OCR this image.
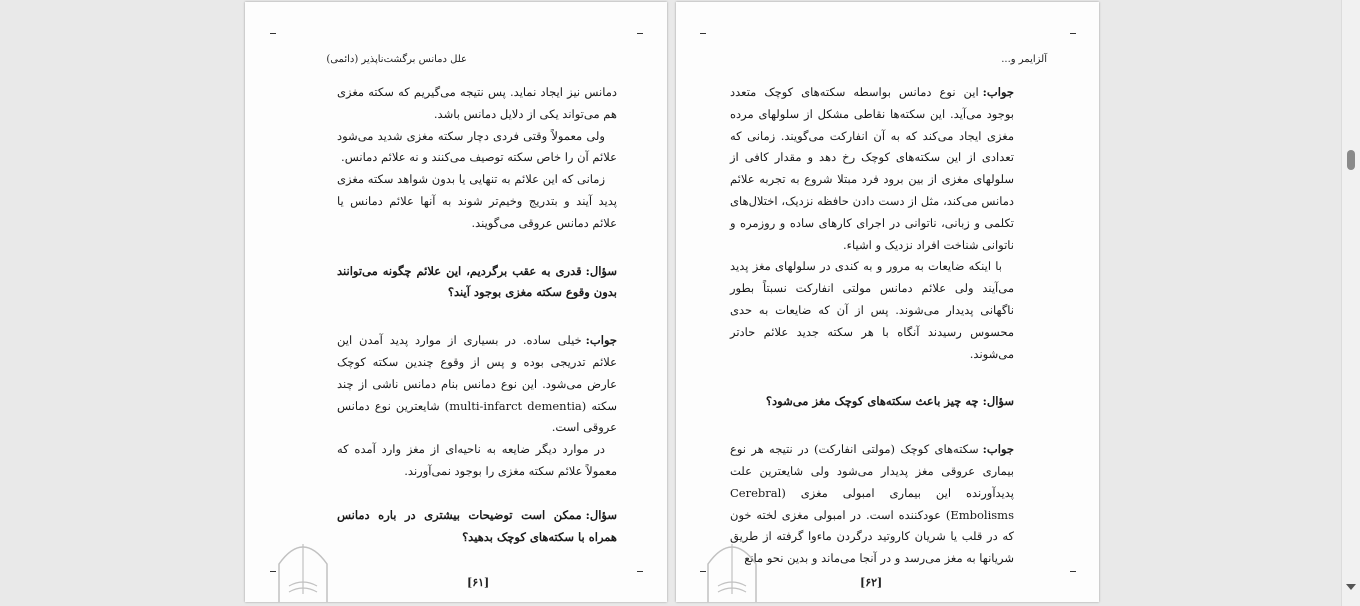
علل دمانس برگشت‌ناپذیر (دائمی)

دمانس نیز ایجاد نماید. پس نتیجه می‌گیریم که سکته مغزی هم می‌تواند یکی از دلایل دمانس باشد.

ولی معمولاً وقتی فردی دچار سکته مغزی شدید می‌شود علائم آن را خاص سکته توصیف می‌کنند و نه علائم دمانس.

زمانی که این علائم به تنهایی یا بدون شواهد سکته مغزی پدید آیند و بتدریج وخیم‌تر شوند به آنها علائم دمانس یا علائم دمانس عروقی می‌گویند.

سؤال:قدری به عقب برگردیم، این علائم چگونه می‌توانند بدون وقوع سکته مغزی بوجود آیند؟

جواب:خیلی ساده. در بسیاری از موارد پدید آمدن این علائم تدریجی بوده و پس از وقوع چندین سکته کوچک عارض می‌شود. این نوع دمانس بنام دمانس ناشی از چند سکته (multi-infarct dementia) شایعترین نوع دمانس عروقی است.

در موارد دیگر ضایعه به ناحیه‌ای از مغز وارد آمده که معمولاً علائم سکته مغزی را بوجود نمی‌آورند.

سؤال:ممکن است توضیحات بیشتری در باره دمانس همراه با سکته‌های کوچک بدهید؟

[۶۱]
آلزایمر و...

جواب:این نوع دمانس بواسطه سکته‌های کوچک متعدد بوجود می‌آید. این سکته‌ها نقاطی مشکل از سلولهای مرده مغزی ایجاد می‌کند که به آن انفارکت می‌گویند. زمانی که تعدادی از این سکته‌های کوچک رخ دهد و مقدار کافی از سلولهای مغزی از بین برود فرد مبتلا شروع به تجربه علائم دمانس می‌کند، مثل از دست دادن حافظه نزدیک، اختلال‌های تکلمی و زبانی، ناتوانی در اجرای کارهای ساده و روزمره و ناتوانی شناخت افراد نزدیک و اشیاء.

با اینکه ضایعات به مرور و به کندی در سلولهای مغز پدید می‌آیند ولی علائم دمانس مولتی انفارکت نسبتاً بطور ناگهانی پدیدار می‌شوند. پس از آن که ضایعات به حدی محسوس رسیدند آنگاه با هر سکته جدید علائم حادتر می‌شوند.

سؤال:چه چیز باعث سکته‌های کوچک مغز می‌شود؟

جواب:سکته‌های کوچک (مولتی انفارکت) در نتیجه هر نوع بیماری عروقی مغز پدیدار می‌شود ولی شایعترین علت پدیدآورنده این بیماری امبولی مغزی (Cerebral Embolisms) عودکننده است. در امبولی مغزی لخته خون که در قلب یا شریان کاروتید درگردن ماءوا گرفته از طریق شریانها به مغز می‌رسد و در آنجا می‌ماند و بدین نحو مانع

[۶۲]
